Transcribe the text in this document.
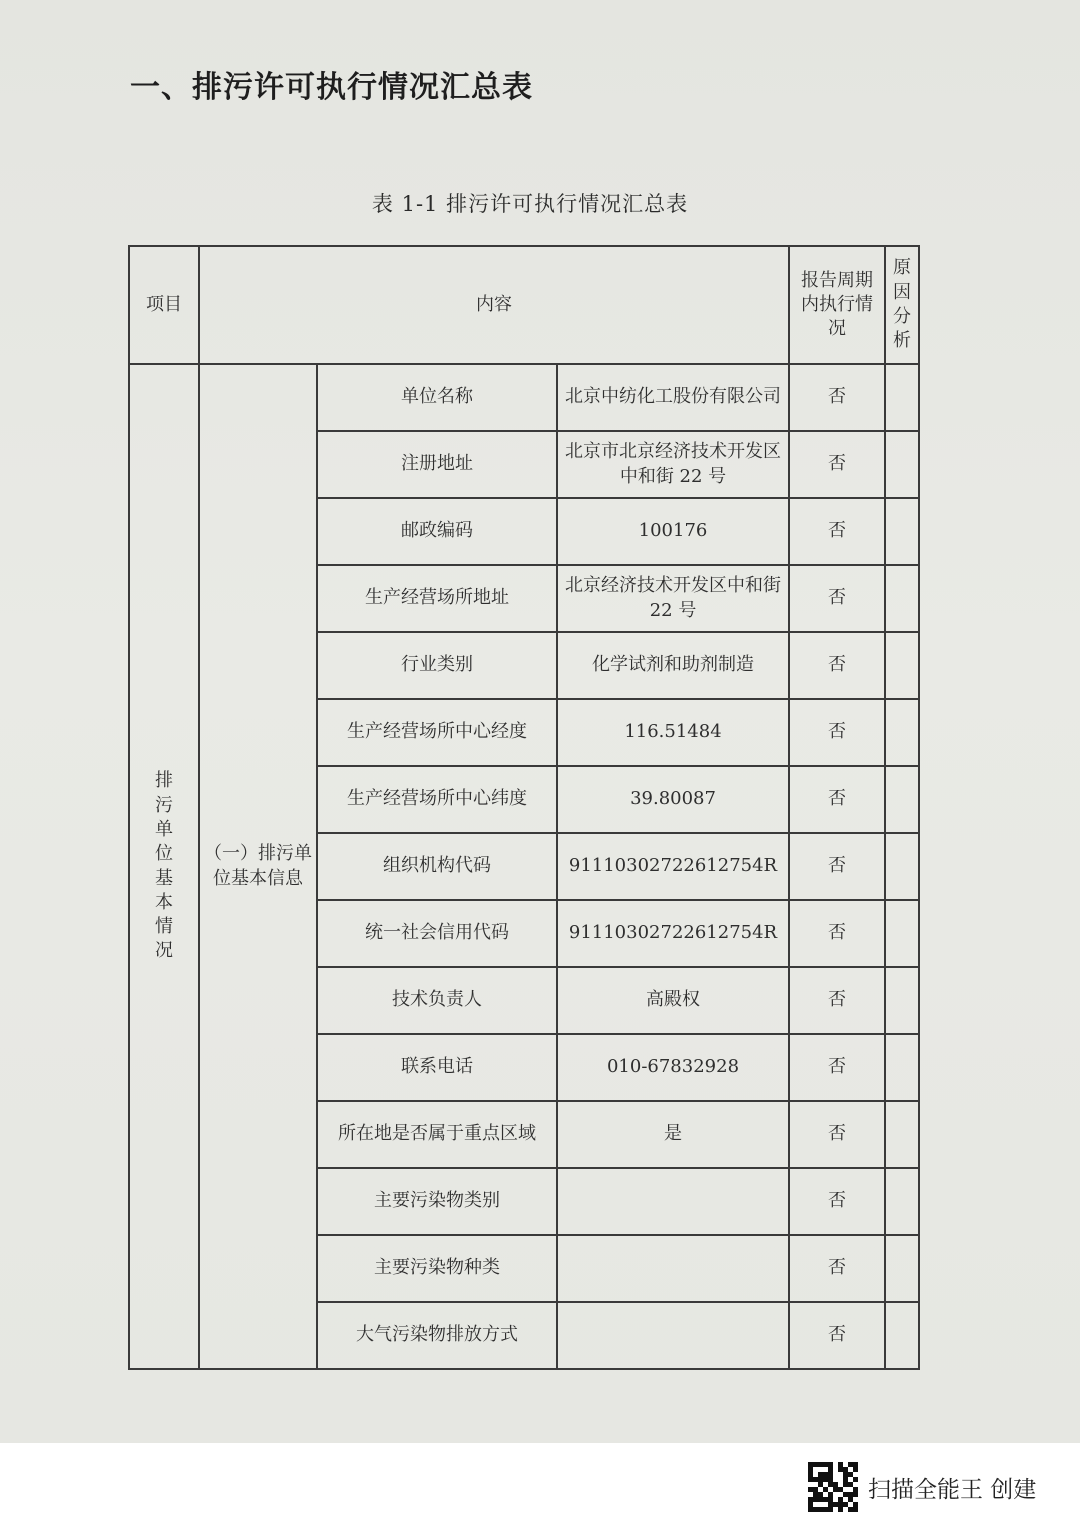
一、排污许可执行情况汇总表
表 1-1 排污许可执行情况汇总表
项目	内容			报告周期内执行情况	原因分析

排污单位基本情况	（一）排污单位基本信息	单位名称	北京中纺化工股份有限公司	否	
		注册地址	北京市北京经济技术开发区中和街 22 号	否	
		邮政编码	100176	否	
		生产经营场所地址	北京经济技术开发区中和街 22 号	否	
		行业类别	化学试剂和助剂制造	否	
		生产经营场所中心经度	116.51484	否	
		生产经营场所中心纬度	39.80087	否	
		组织机构代码	91110302722612754R	否	
		统一社会信用代码	91110302722612754R	否	
		技术负责人	高殿权	否	
		联系电话	010-67832928	否	
		所在地是否属于重点区域	是	否	
		主要污染物类别		否	
		主要污染物种类		否	
		大气污染物排放方式		否	
扫描全能王 创建
